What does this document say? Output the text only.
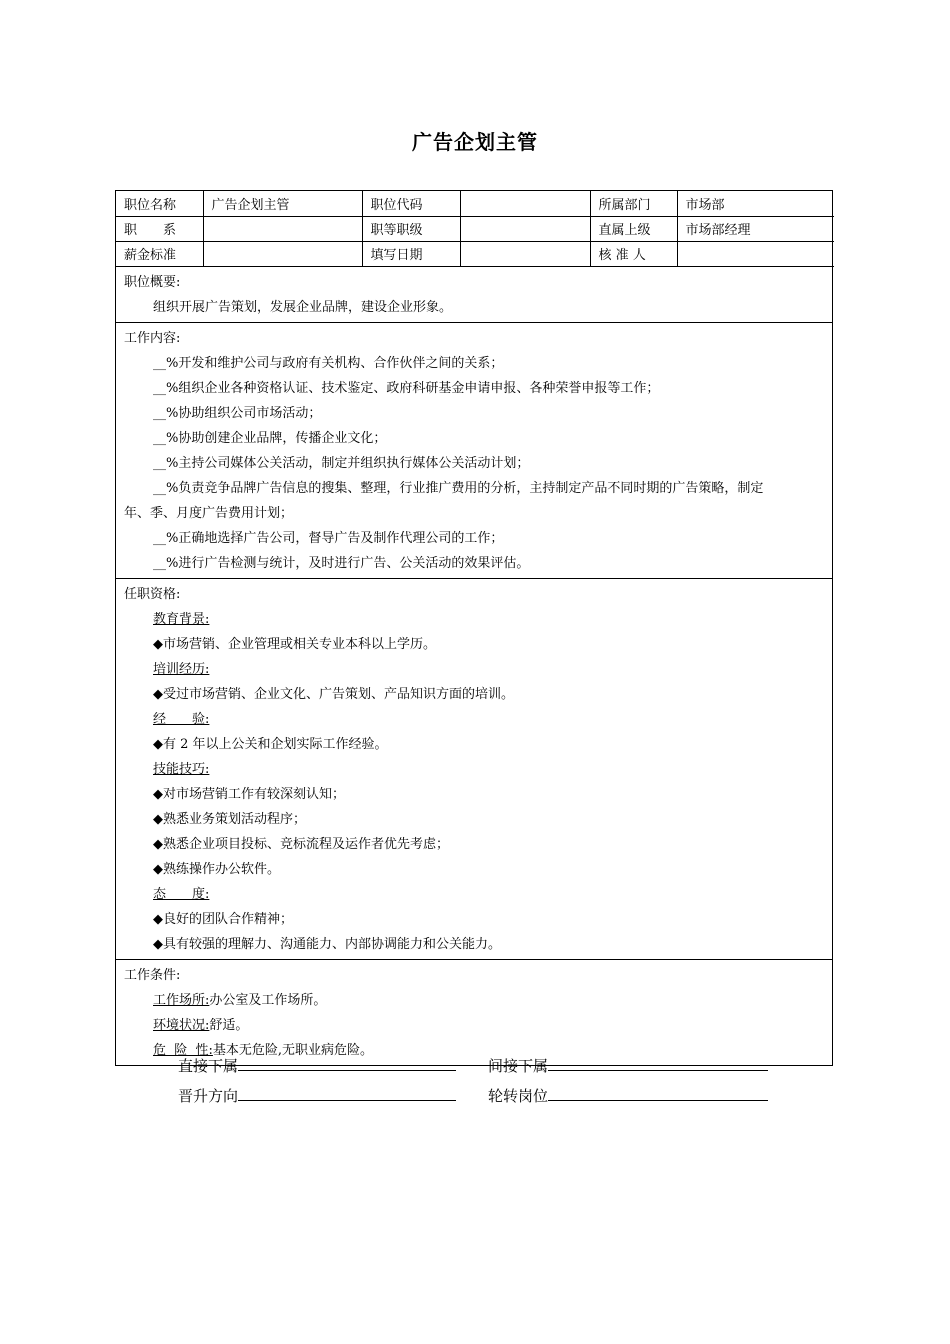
广告企划主管
职位名称	广告企划主管	职位代码		所属部门	市场部
职　　系		职等职级		直属上级	市场部经理
薪金标准		填写日期		核 准 人	
职位概要:
组织开展广告策划，发展企业品牌，建设企业形象。
工作内容:
__%开发和维护公司与政府有关机构、合作伙伴之间的关系；
__%组织企业各种资格认证、技术鉴定、政府科研基金申请申报、各种荣誉申报等工作；
__%协助组织公司市场活动；
__%协助创建企业品牌，传播企业文化；
__%主持公司媒体公关活动，制定并组织执行媒体公关活动计划；
__%负责竞争品牌广告信息的搜集、整理，行业推广费用的分析，主持制定产品不同时期的广告策略，制定
年、季、月度广告费用计划；
__%正确地选择广告公司，督导广告及制作代理公司的工作；
__%进行广告检测与统计，及时进行广告、公关活动的效果评估。
任职资格:
教育背景:
◆市场营销、企业管理或相关专业本科以上学历。
培训经历:
◆受过市场营销、企业文化、广告策划、产品知识方面的培训。
经　　验:
◆有 2 年以上公关和企划实际工作经验。
技能技巧:
◆对市场营销工作有较深刻认知；
◆熟悉业务策划活动程序；
◆熟悉企业项目投标、竞标流程及运作者优先考虑；
◆熟练操作办公软件。
态　　度:
◆良好的团队合作精神；
◆具有较强的理解力、沟通能力、内部协调能力和公关能力。
工作条件:
工作场所:办公室及工作场所。
环境状况:舒适。
危  险  性:基本无危险,无职业病危险。
直接下属	间接下属
晋升方向	轮转岗位
